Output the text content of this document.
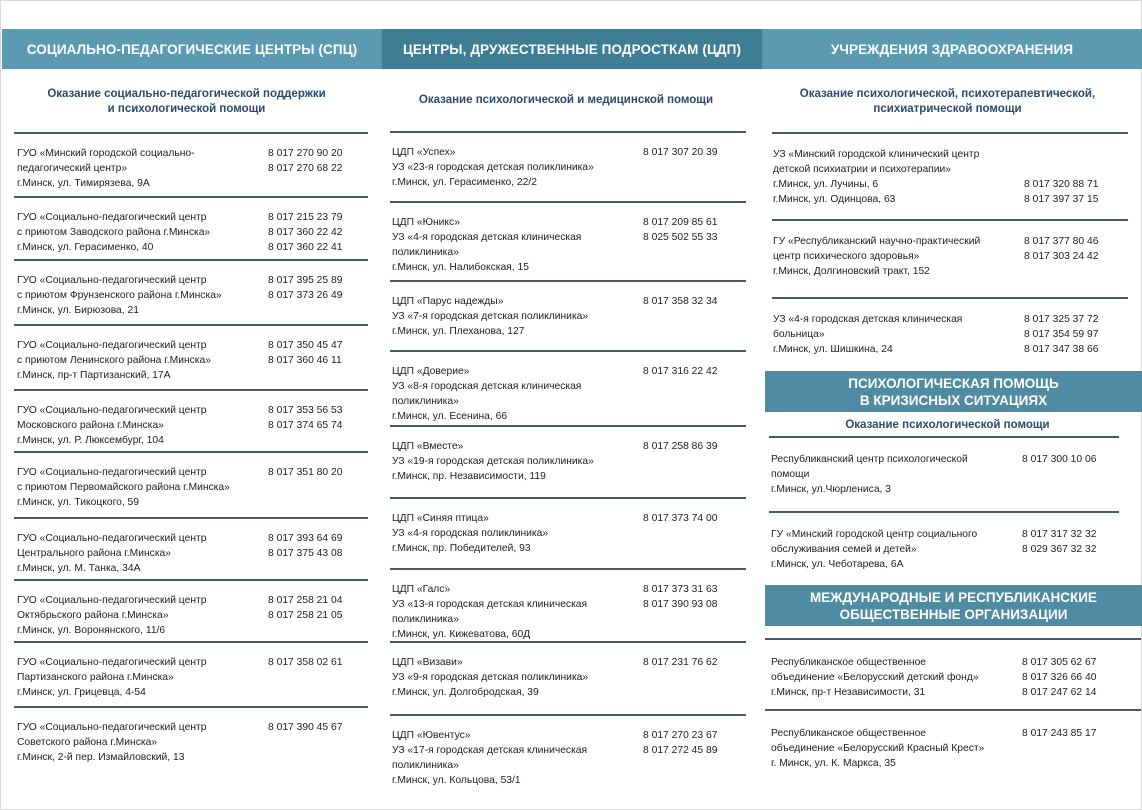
СОЦИАЛЬНО-ПЕДАГОГИЧЕСКИЕ ЦЕНТРЫ (СПЦ)
Оказание социально-педагогической поддержки
и психологической помощи
ГУО «Минский городской социально-
педагогический центр»
г.Минск, ул. Тимирязева, 9А
8 017 270 90 20
8 017 270 68 22
ГУО «Социально-педагогический центр
с приютом Заводского района г.Минска»
г.Минск, ул. Герасименко, 40
8 017 215 23 79
8 017 360 22 42
8 017 360 22 41
ГУО «Социально-педагогический центр
с приютом Фрунзенского района г.Минска»
г.Минск, ул. Бирюзова, 21
8 017 395 25 89
8 017 373 26 49
ГУО «Социально-педагогический центр
с приютом Ленинского района г.Минска»
г.Минск, пр-т Партизанский, 17А
8 017 350 45 47
8 017 360 46 11
ГУО «Социально-педагогический центр
Московского района г.Минска»
г.Минск, ул. Р. Люксембург, 104
8 017 353 56 53
8 017 374 65 74
ГУО «Социально-педагогический центр
с приютом Первомайского района г.Минска»
г.Минск, ул. Тикоцкого, 59
8 017 351 80 20
ГУО «Социально-педагогический центр
Центрального района г.Минска»
г.Минск, ул. М. Танка, 34А
8 017 393 64 69
8 017 375 43 08
ГУО «Социально-педагогический центр
Октябрьского района г.Минска»
г.Минск, ул. Воронянского, 11/6
8 017 258 21 04
8 017 258 21 05
ГУО «Социально-педагогический центр
Партизанского района г.Минска»
г.Минск, ул. Грицевца, 4-54
8 017 358 02 61
ГУО «Социально-педагогический центр
Советского района г.Минска»
г.Минск, 2-й пер. Измайловский, 13
8 017 390 45 67
ЦЕНТРЫ, ДРУЖЕСТВЕННЫЕ ПОДРОСТКАМ (ЦДП)
Оказание психологической и медицинской помощи
ЦДП «Успех»
УЗ «23-я городская детская поликлиника»
г.Минск, ул. Герасименко, 22/2
8 017 307 20 39
ЦДП «Юникс»
УЗ «4-я городская детская клиническая
поликлиника»
г.Минск, ул. Налибокская, 15
8 017 209 85 61
8 025 502 55 33
ЦДП «Парус надежды»
УЗ «7-я городская детская поликлиника»
г.Минск, ул. Плеханова, 127
8 017 358 32 34
ЦДП «Доверие»
УЗ «8-я городская детская клиническая
поликлиника»
г.Минск, ул. Есенина, 66
8 017 316 22 42
ЦДП «Вместе»
УЗ «19-я городская детская поликлиника»
г.Минск, пр. Независимости, 119
8 017 258 86 39
ЦДП «Синяя птица»
УЗ «4-я городская поликлиника»
г.Минск, пр. Победителей, 93
8 017 373 74 00
ЦДП «Галс»
УЗ «13-я городская детская клиническая
поликлиника»
г.Минск, ул. Кижеватова, 60Д
8 017 373 31 63
8 017 390 93 08
ЦДП «Визави»
УЗ «9-я городская детская поликлиника»
г.Минск, ул. Долгобродская, 39
8 017 231 76 62
ЦДП «Ювентус»
УЗ «17-я городская детская клиническая
поликлиника»
г.Минск, ул. Кольцова, 53/1
8 017 270 23 67
8 017 272 45 89
УЧРЕЖДЕНИЯ ЗДРАВООХРАНЕНИЯ
Оказание психологической, психотерапевтической,
психиатрической помощи
УЗ «Минский городской клинический центр
детской психиатрии и психотерапии»
г.Минск, ул. Лучины, 6
г.Минск, ул. Одинцова, 63
8 017 320 88 71
8 017 397 37 15
ГУ «Республиканский научно-практический
центр психического здоровья»
г.Минск, Долгиновский тракт, 152
8 017 377 80 46
8 017 303 24 42
УЗ «4-я городская детская клиническая
больница»
г.Минск, ул. Шишкина, 24
8 017 325 37 72
8 017 354 59 97
8 017 347 38 66
ПСИХОЛОГИЧЕСКАЯ ПОМОЩЬ
В КРИЗИСНЫХ СИТУАЦИЯХ
Оказание психологической помощи
Республиканский центр психологической
помощи
г.Минск, ул.Чюрлениса, 3
8 017 300 10 06
ГУ «Минский городской центр социального
обслуживания семей и детей»
г.Минск, ул. Чеботарева, 6А
8 017 317 32 32
8 029 367 32 32
МЕЖДУНАРОДНЫЕ И РЕСПУБЛИКАНСКИЕ
ОБЩЕСТВЕННЫЕ ОРГАНИЗАЦИИ
Республиканское общественное
объединение «Белорусский детский фонд»
г.Минск, пр-т Независимости, 31
8 017 305 62 67
8 017 326 66 40
8 017 247 62 14
Республиканское общественное
объединение «Белорусский Красный Крест»
г. Минск, ул. К. Маркса, 35
8 017 243 85 17
